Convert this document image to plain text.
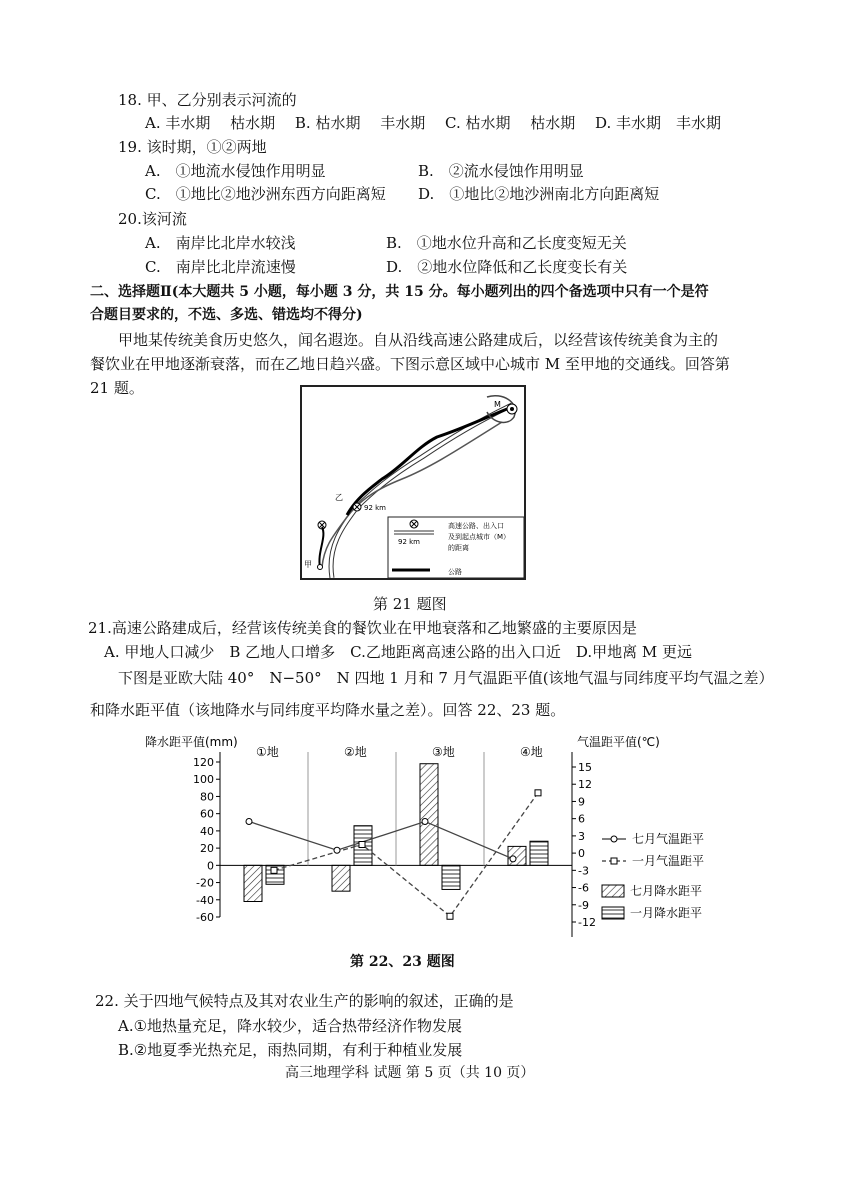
18. 甲、乙分别表示河流的
A. 丰水期　 枯水期　 B. 枯水期　 丰水期　 C. 枯水期　 枯水期　 D. 丰水期　丰水期
19. 该时期，①②两地
A.　①地流水侵蚀作用明显	B.　②流水侵蚀作用明显
C.　①地比②地沙洲东西方向距离短 D.　①地比②地沙洲南北方向距离短
20.该河流
A.　南岸比北岸水较浅	B.　①地水位升高和乙长度变短无关
C.　南岸比北岸流速慢	D.　②地水位降低和乙长度变长有关
二、选择题Ⅱ(本大题共 5 小题，每小题 3 分，共 15 分。每小题列出的四个备选项中只有一个是符
合题目要求的，不选、多选、错选均不得分)
甲地某传统美食历史悠久，闻名遐迩。自从沿线高速公路建成后，以经营该传统美食为主的
餐饮业在甲地逐渐衰落，而在乙地日趋兴盛。下图示意区域中心城市 M 至甲地的交通线。回答第
21 题。
高速公路、出入口
及到起点城市（M）
的距离
92 km
公路
M
乙
92 km
甲
第 21 题图
21.高速公路建成后，经营该传统美食的餐饮业在甲地衰落和乙地繁盛的主要原因是
A. 甲地人口减少　B 乙地人口增多　C.乙地距离高速公路的出入口近　D.甲地离 M 更远
下图是亚欧大陆 40°　N−50°　N 四地 1 月和 7 月气温距平值(该地气温与同纬度平均气温之差）
和降水距平值（该地降水与同纬度平均降水量之差）。回答 22、23 题。
降水距平值(mm)	气温距平值(℃)
120
100
80
60
40
20
0
-20
-40
-60
15
12
9
6
3
0
-3
-6
-9
-12
①地	②地	③地	④地
七月气温距平
一月气温距平
七月降水距平
一月降水距平
第 22、23 题图
22. 关于四地气候特点及其对农业生产的影响的叙述，正确的是
A.①地热量充足，降水较少，适合热带经济作物发展
B.②地夏季光热充足，雨热同期，有利于种植业发展
高三地理学科 试题 第 5 页（共 10 页）
